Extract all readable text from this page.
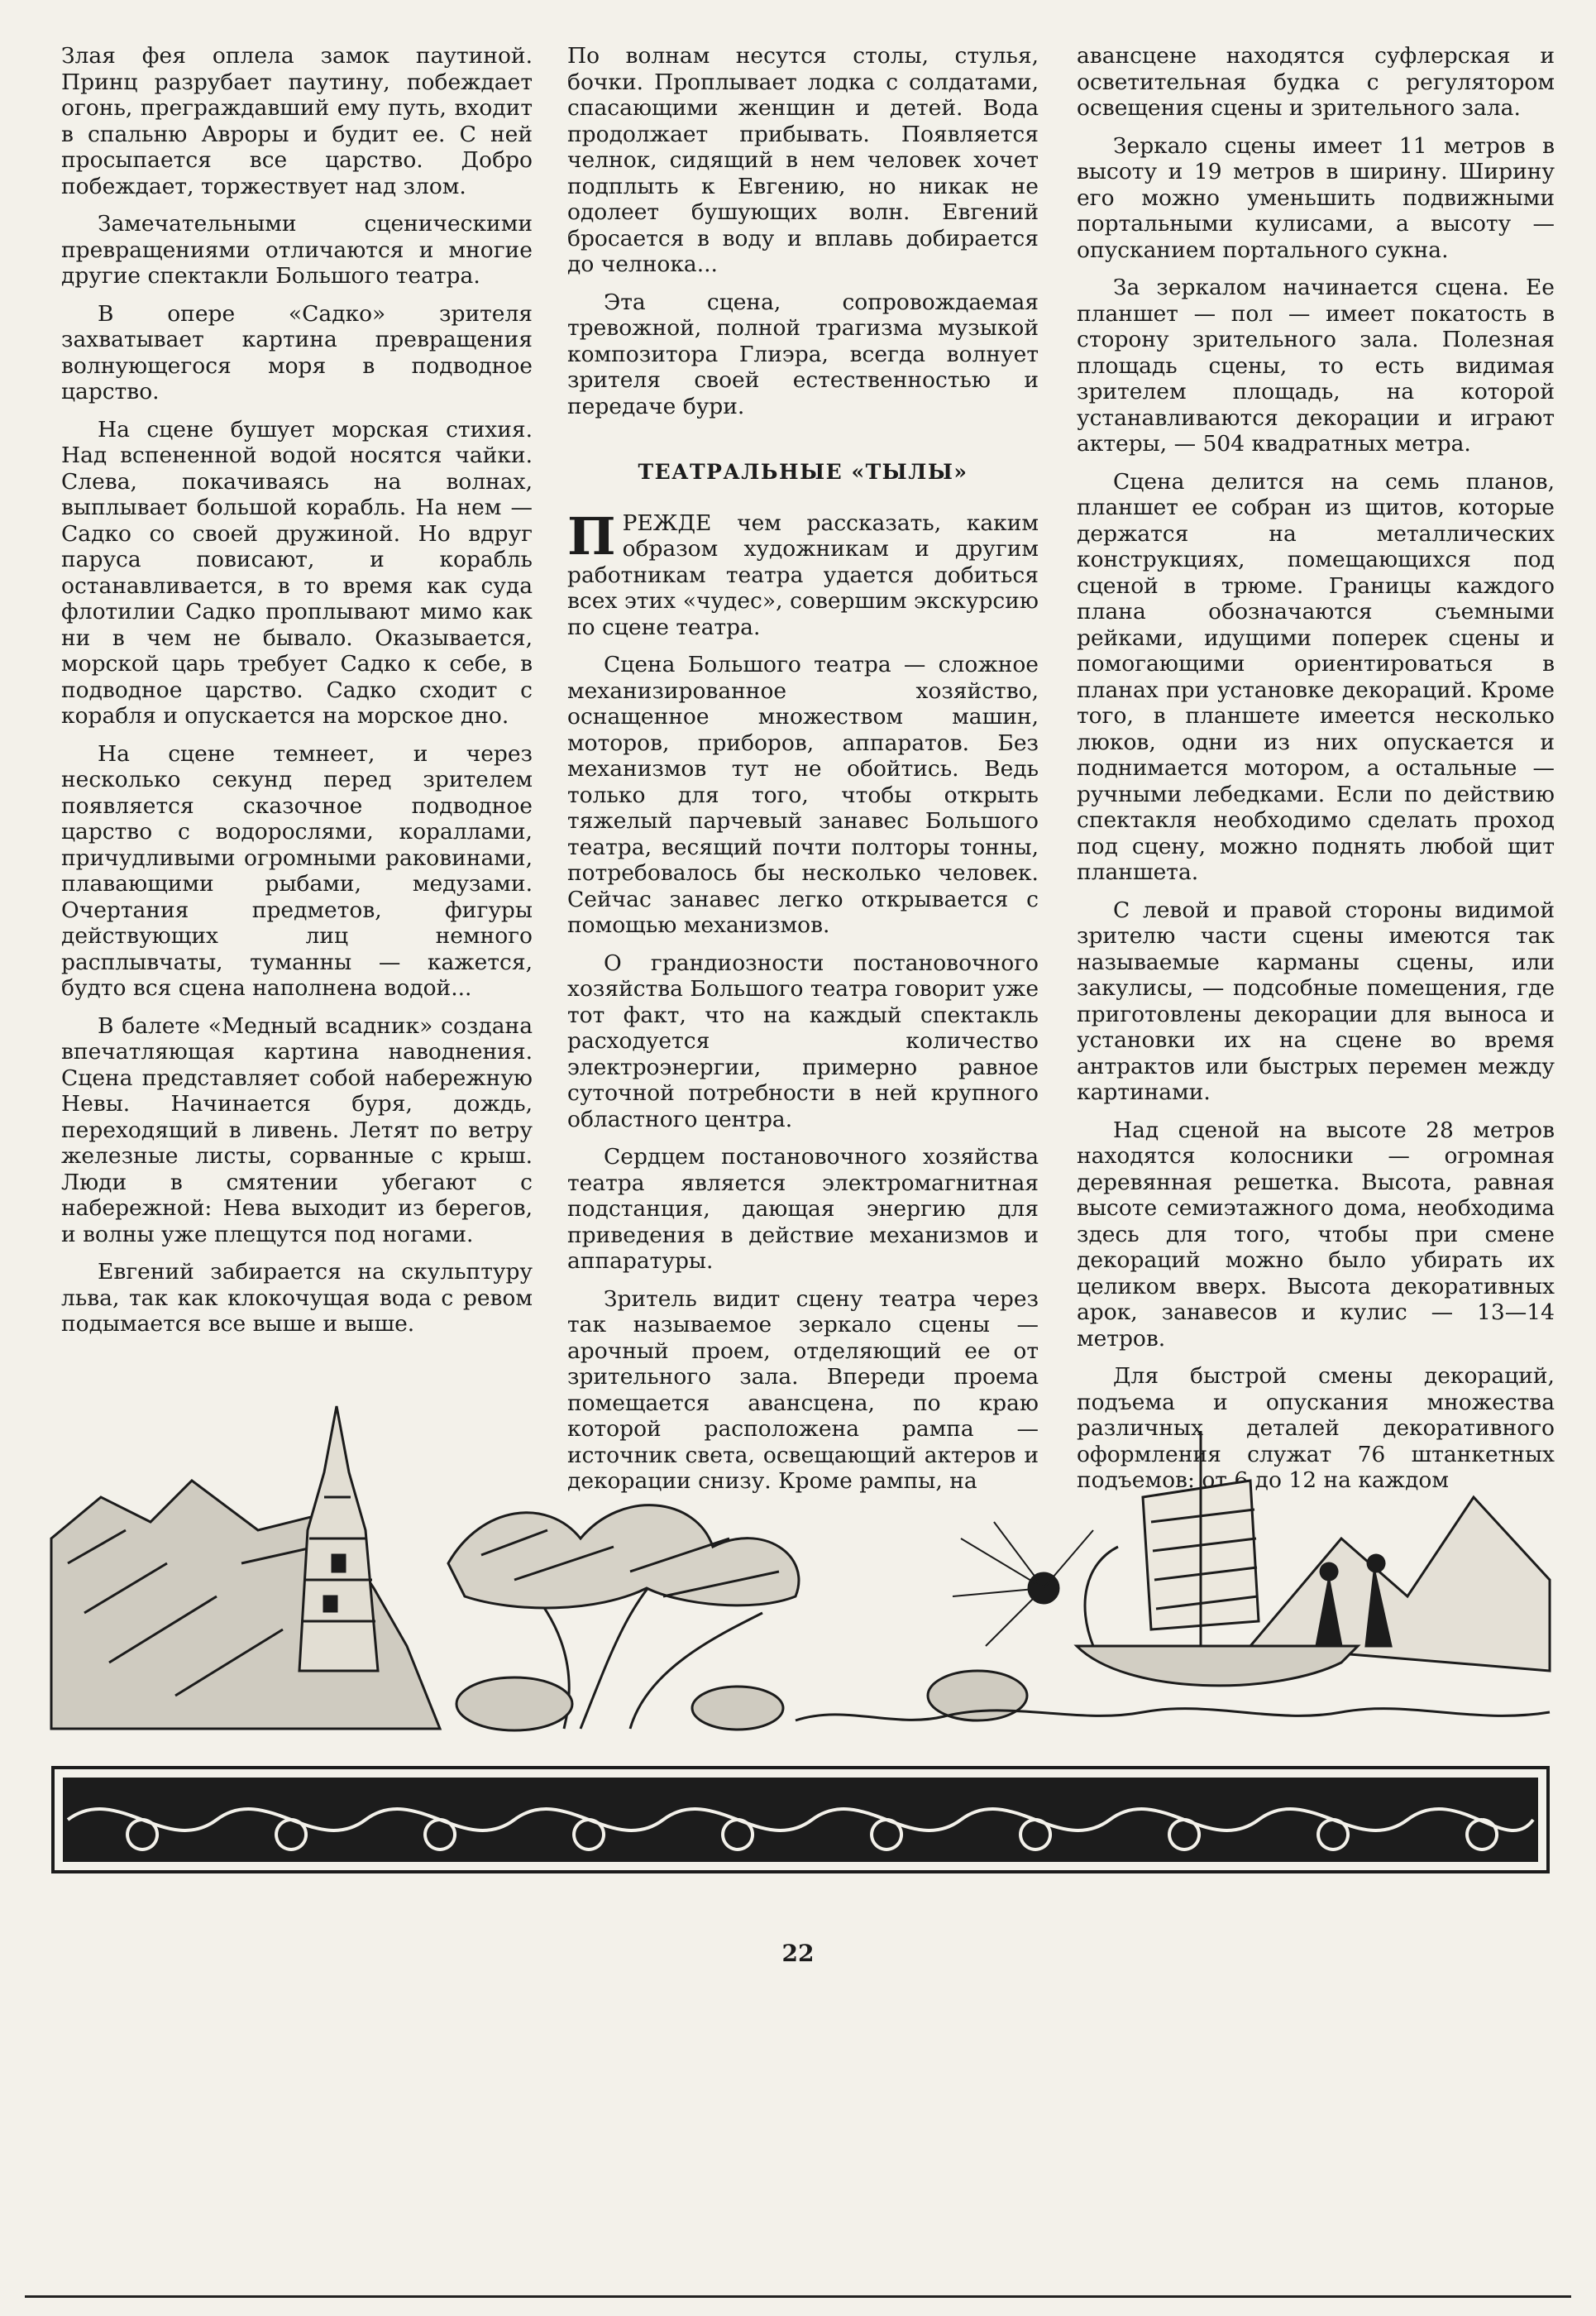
Злая фея оплела замок паутиной. Принц разрубает паутину, побеждает огонь, преграждавший ему путь, входит в спальню Авроры и будит ее. С ней просыпается все царство. Добро побеждает, торжествует над злом.

Замечательными сценическими превращениями отличаются и многие другие спектакли Большого театра.

В опере «Садко» зрителя захватывает картина превращения волнующегося моря в подводное царство.

На сцене бушует морская стихия. Над вспененной водой носятся чайки. Слева, покачиваясь на волнах, выплывает большой корабль. На нем — Садко со своей дружиной. Но вдруг паруса повисают, и корабль останавливается, в то время как суда флотилии Садко проплывают мимо как ни в чем не бывало. Оказывается, морской царь требует Садко к себе, в подводное царство. Садко сходит с корабля и опускается на морское дно.

На сцене темнеет, и через несколько секунд перед зрителем появляется сказочное подводное царство с водорослями, кораллами, причудливыми огромными раковинами, плавающими рыбами, медузами. Очертания предметов, фигуры действующих лиц немного расплывчаты, туманны — кажется, будто вся сцена наполнена водой...

В балете «Медный всадник» создана впечатляющая картина наводнения. Сцена представляет собой набережную Невы. Начинается буря, дождь, переходящий в ливень. Летят по ветру железные листы, сорванные с крыш. Люди в смятении убегают с набережной: Нева выходит из берегов, и волны уже плещутся под ногами.

Евгений забирается на скульптуру льва, так как клокочущая вода с ревом подымается все выше и выше.

По волнам несутся столы, стулья, бочки. Проплывает лодка с солдатами, спасающими женщин и детей. Вода продолжает прибывать. Появляется челнок, сидящий в нем человек хочет подплыть к Евгению, но никак не одолеет бушующих волн. Евгений бросается в воду и вплавь добирается до челнока...

Эта сцена, сопровождаемая тревожной, полной трагизма музыкой композитора Глиэра, всегда волнует зрителя своей естественностью и передаче бури.

ТЕАТРАЛЬНЫЕ «ТЫЛЫ»

ПРЕЖДЕ чем рассказать, каким образом художникам и другим работникам театра удается добиться всех этих «чудес», совершим экскурсию по сцене театра.

Сцена Большого театра — сложное механизированное хозяйство, оснащенное множеством машин, моторов, приборов, аппаратов. Без механизмов тут не обойтись. Ведь только для того, чтобы открыть тяжелый парчевый занавес Большого театра, весящий почти полторы тонны, потребовалось бы несколько человек. Сейчас занавес легко открывается с помощью механизмов.

О грандиозности постановочного хозяйства Большого театра говорит уже тот факт, что на каждый спектакль расходуется количество электроэнергии, примерно равное суточной потребности в ней крупного областного центра.

Сердцем постановочного хозяйства театра является электромагнитная подстанция, дающая энергию для приведения в действие механизмов и аппаратуры.

Зритель видит сцену театра через так называемое зеркало сцены — арочный проем, отделяющий ее от зрительного зала. Впереди проема помещается авансцена, по краю которой расположена рампа — источник света, освещающий актеров и декорации снизу. Кроме рампы, на

авансцене находятся суфлерская и осветительная будка с регулятором освещения сцены и зрительного зала.

Зеркало сцены имеет 11 метров в высоту и 19 метров в ширину. Ширину его можно уменьшить подвижными портальными кулисами, а высоту — опусканием портального сукна.

За зеркалом начинается сцена. Ее планшет — пол — имеет покатость в сторону зрительного зала. Полезная площадь сцены, то есть видимая зрителем площадь, на которой устанавливаются декорации и играют актеры, — 504 квадратных метра.

Сцена делится на семь планов, планшет ее собран из щитов, которые держатся на металлических конструкциях, помещающихся под сценой в трюме. Границы каждого плана обозначаются съемными рейками, идущими поперек сцены и помогающими ориентироваться в планах при установке декораций. Кроме того, в планшете имеется несколько люков, одни из них опускается и поднимается мотором, а остальные — ручными лебедками. Если по действию спектакля необходимо сделать проход под сцену, можно поднять любой щит планшета.

С левой и правой стороны видимой зрителю части сцены имеются так называемые карманы сцены, или закулисы, — подсобные помещения, где приготовлены декорации для выноса и установки их на сцене во время антрактов или быстрых перемен между картинами.

Над сценой на высоте 28 метров находятся колосники — огромная деревянная решетка. Высота, равная высоте семиэтажного дома, необходима здесь для того, чтобы при смене декораций можно было убирать их целиком вверх. Высота декоративных арок, занавесов и кулис — 13—14 метров.

Для быстрой смены декораций, подъема и опускания множества различных деталей декоративного оформления служат 76 штанкетных подъемов: от 6 до 12 на каждом

22
